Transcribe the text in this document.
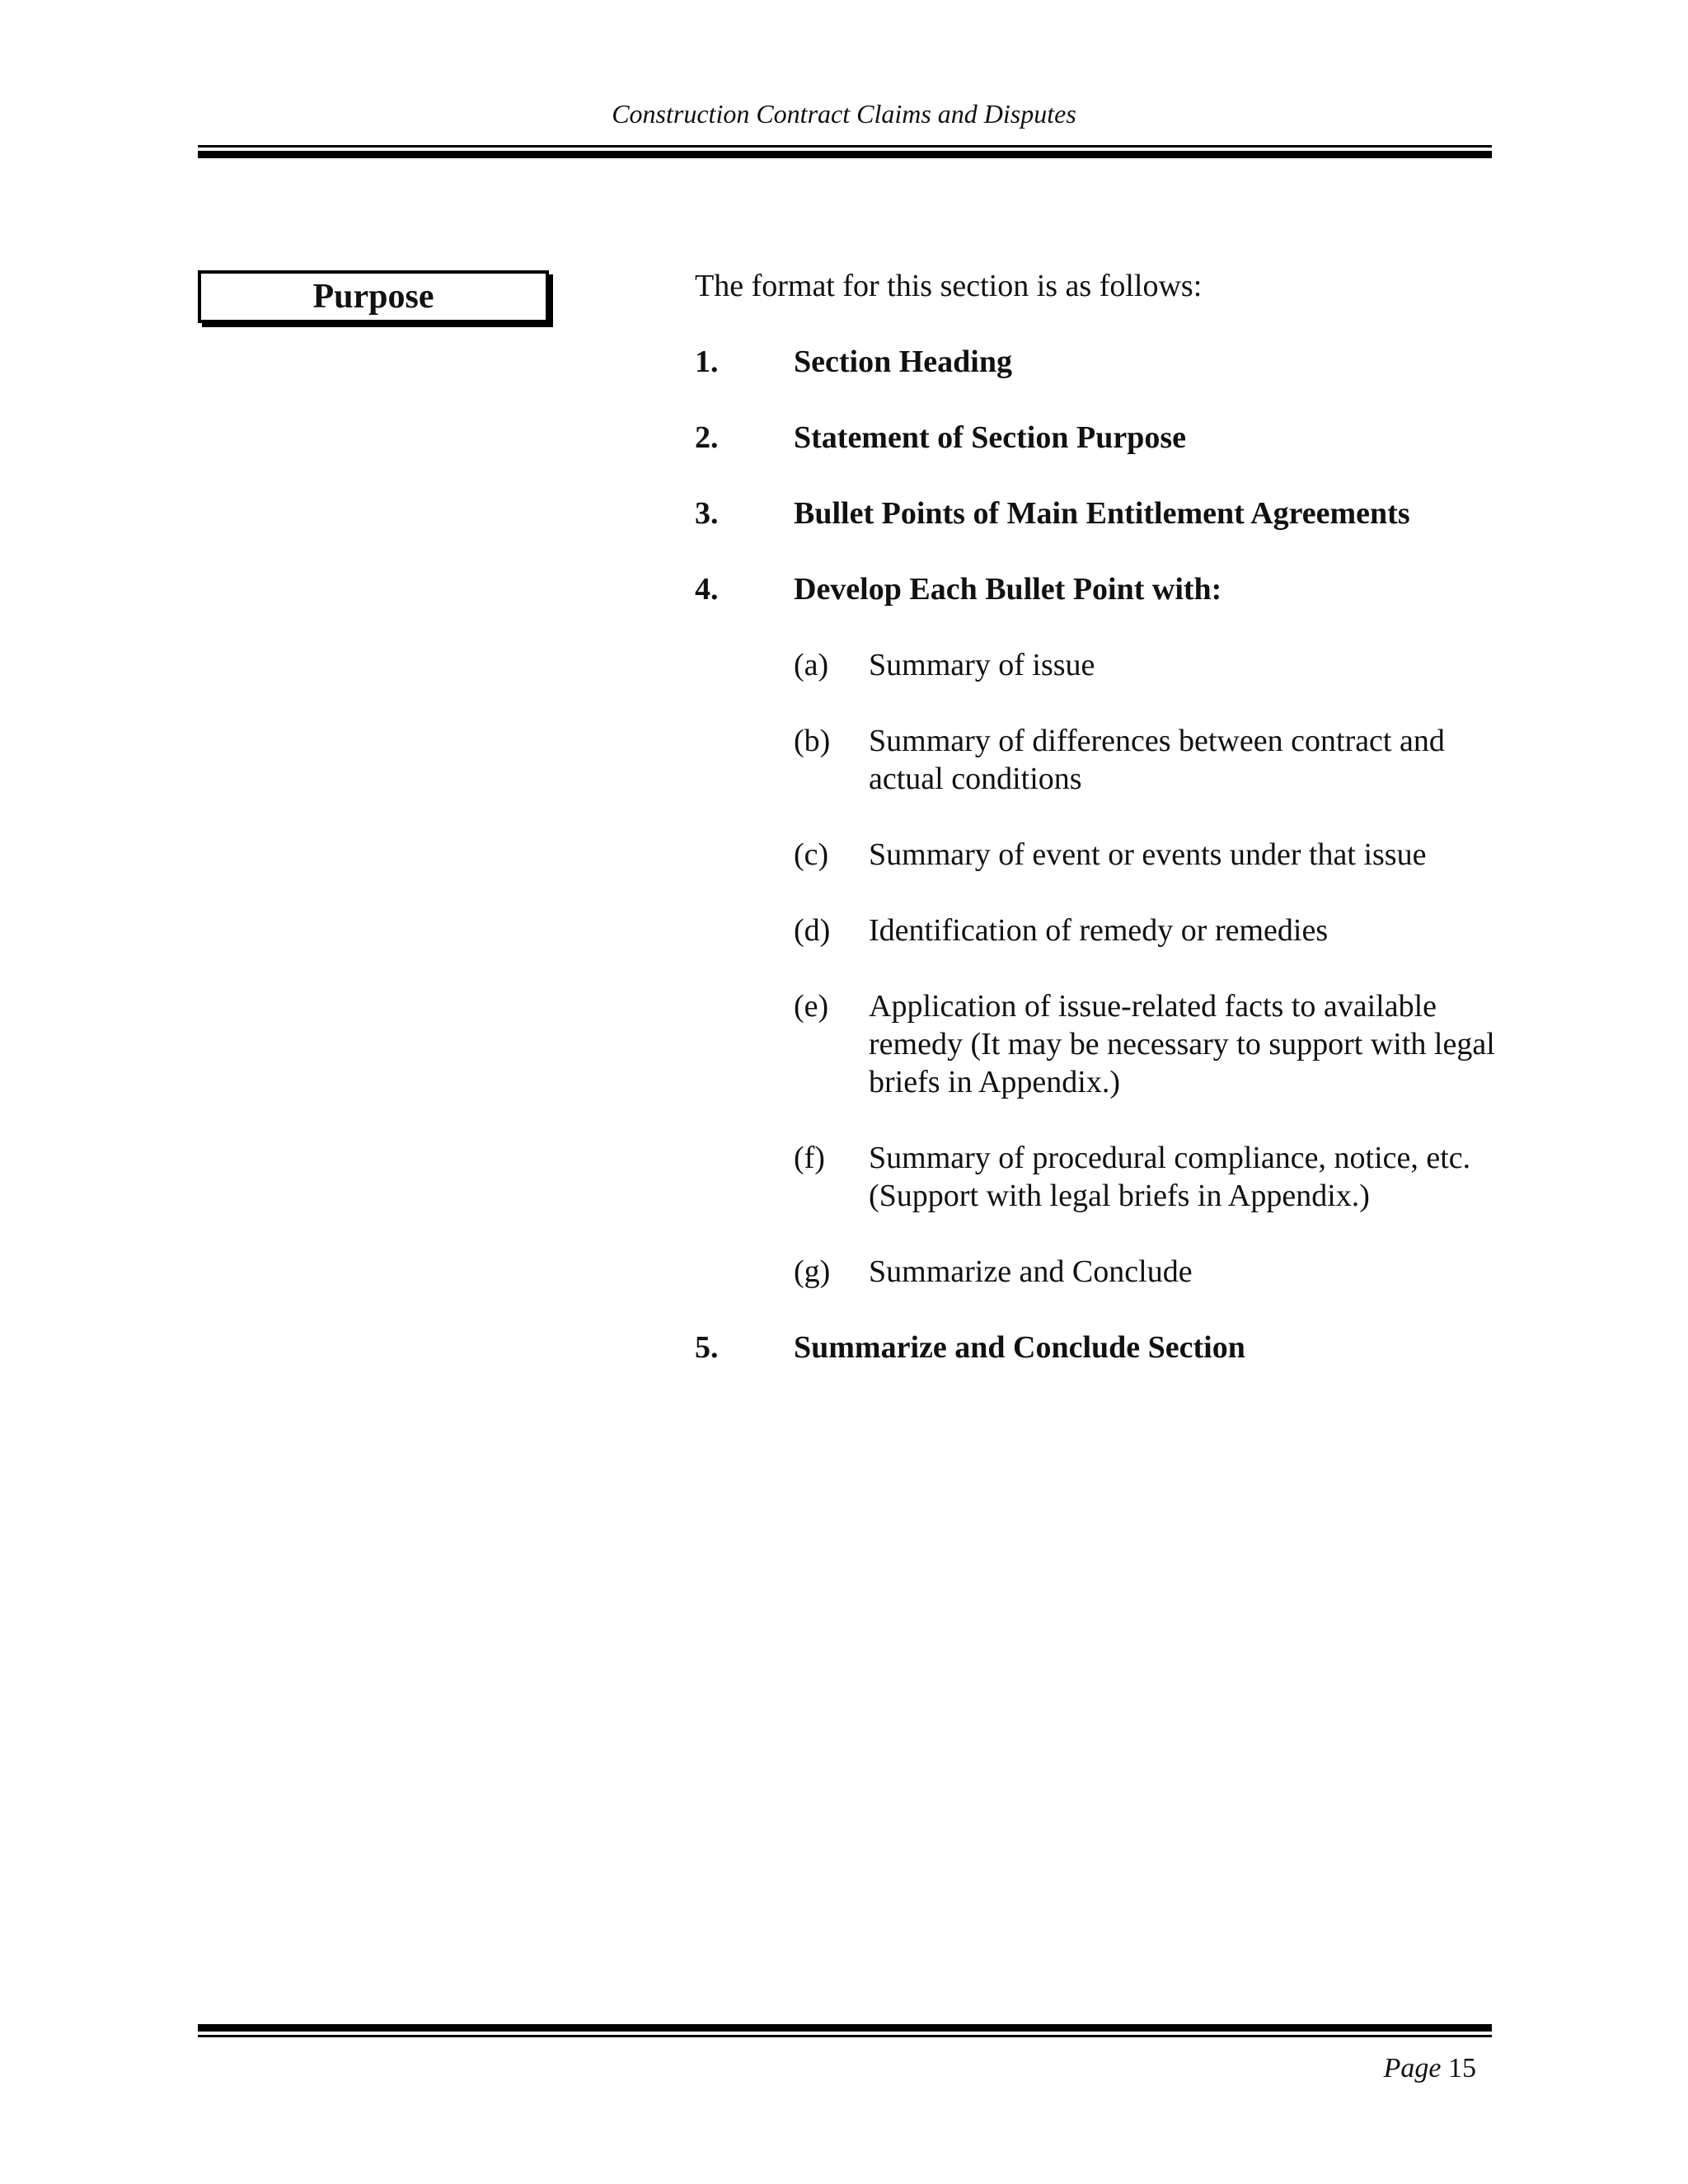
Construction Contract Claims and Disputes
Purpose	The format for this section is as follows:

1. Section Heading
2. Statement of Section Purpose
3. Bullet Points of Main Entitlement Agreements
4. Develop Each Bullet Point with:
(a) Summary of issue
(b) Summary of differences between contract and actual conditions
(c) Summary of event or events under that issue
(d) Identification of remedy or remedies
(e) Application of issue-related facts to available remedy (It may be necessary to support with legal briefs in Appendix.)
(f) Summary of procedural compliance, notice, etc. (Support with legal briefs in Appendix.)
(g) Summarize and Conclude
5. Summarize and Conclude Section
Page 15
